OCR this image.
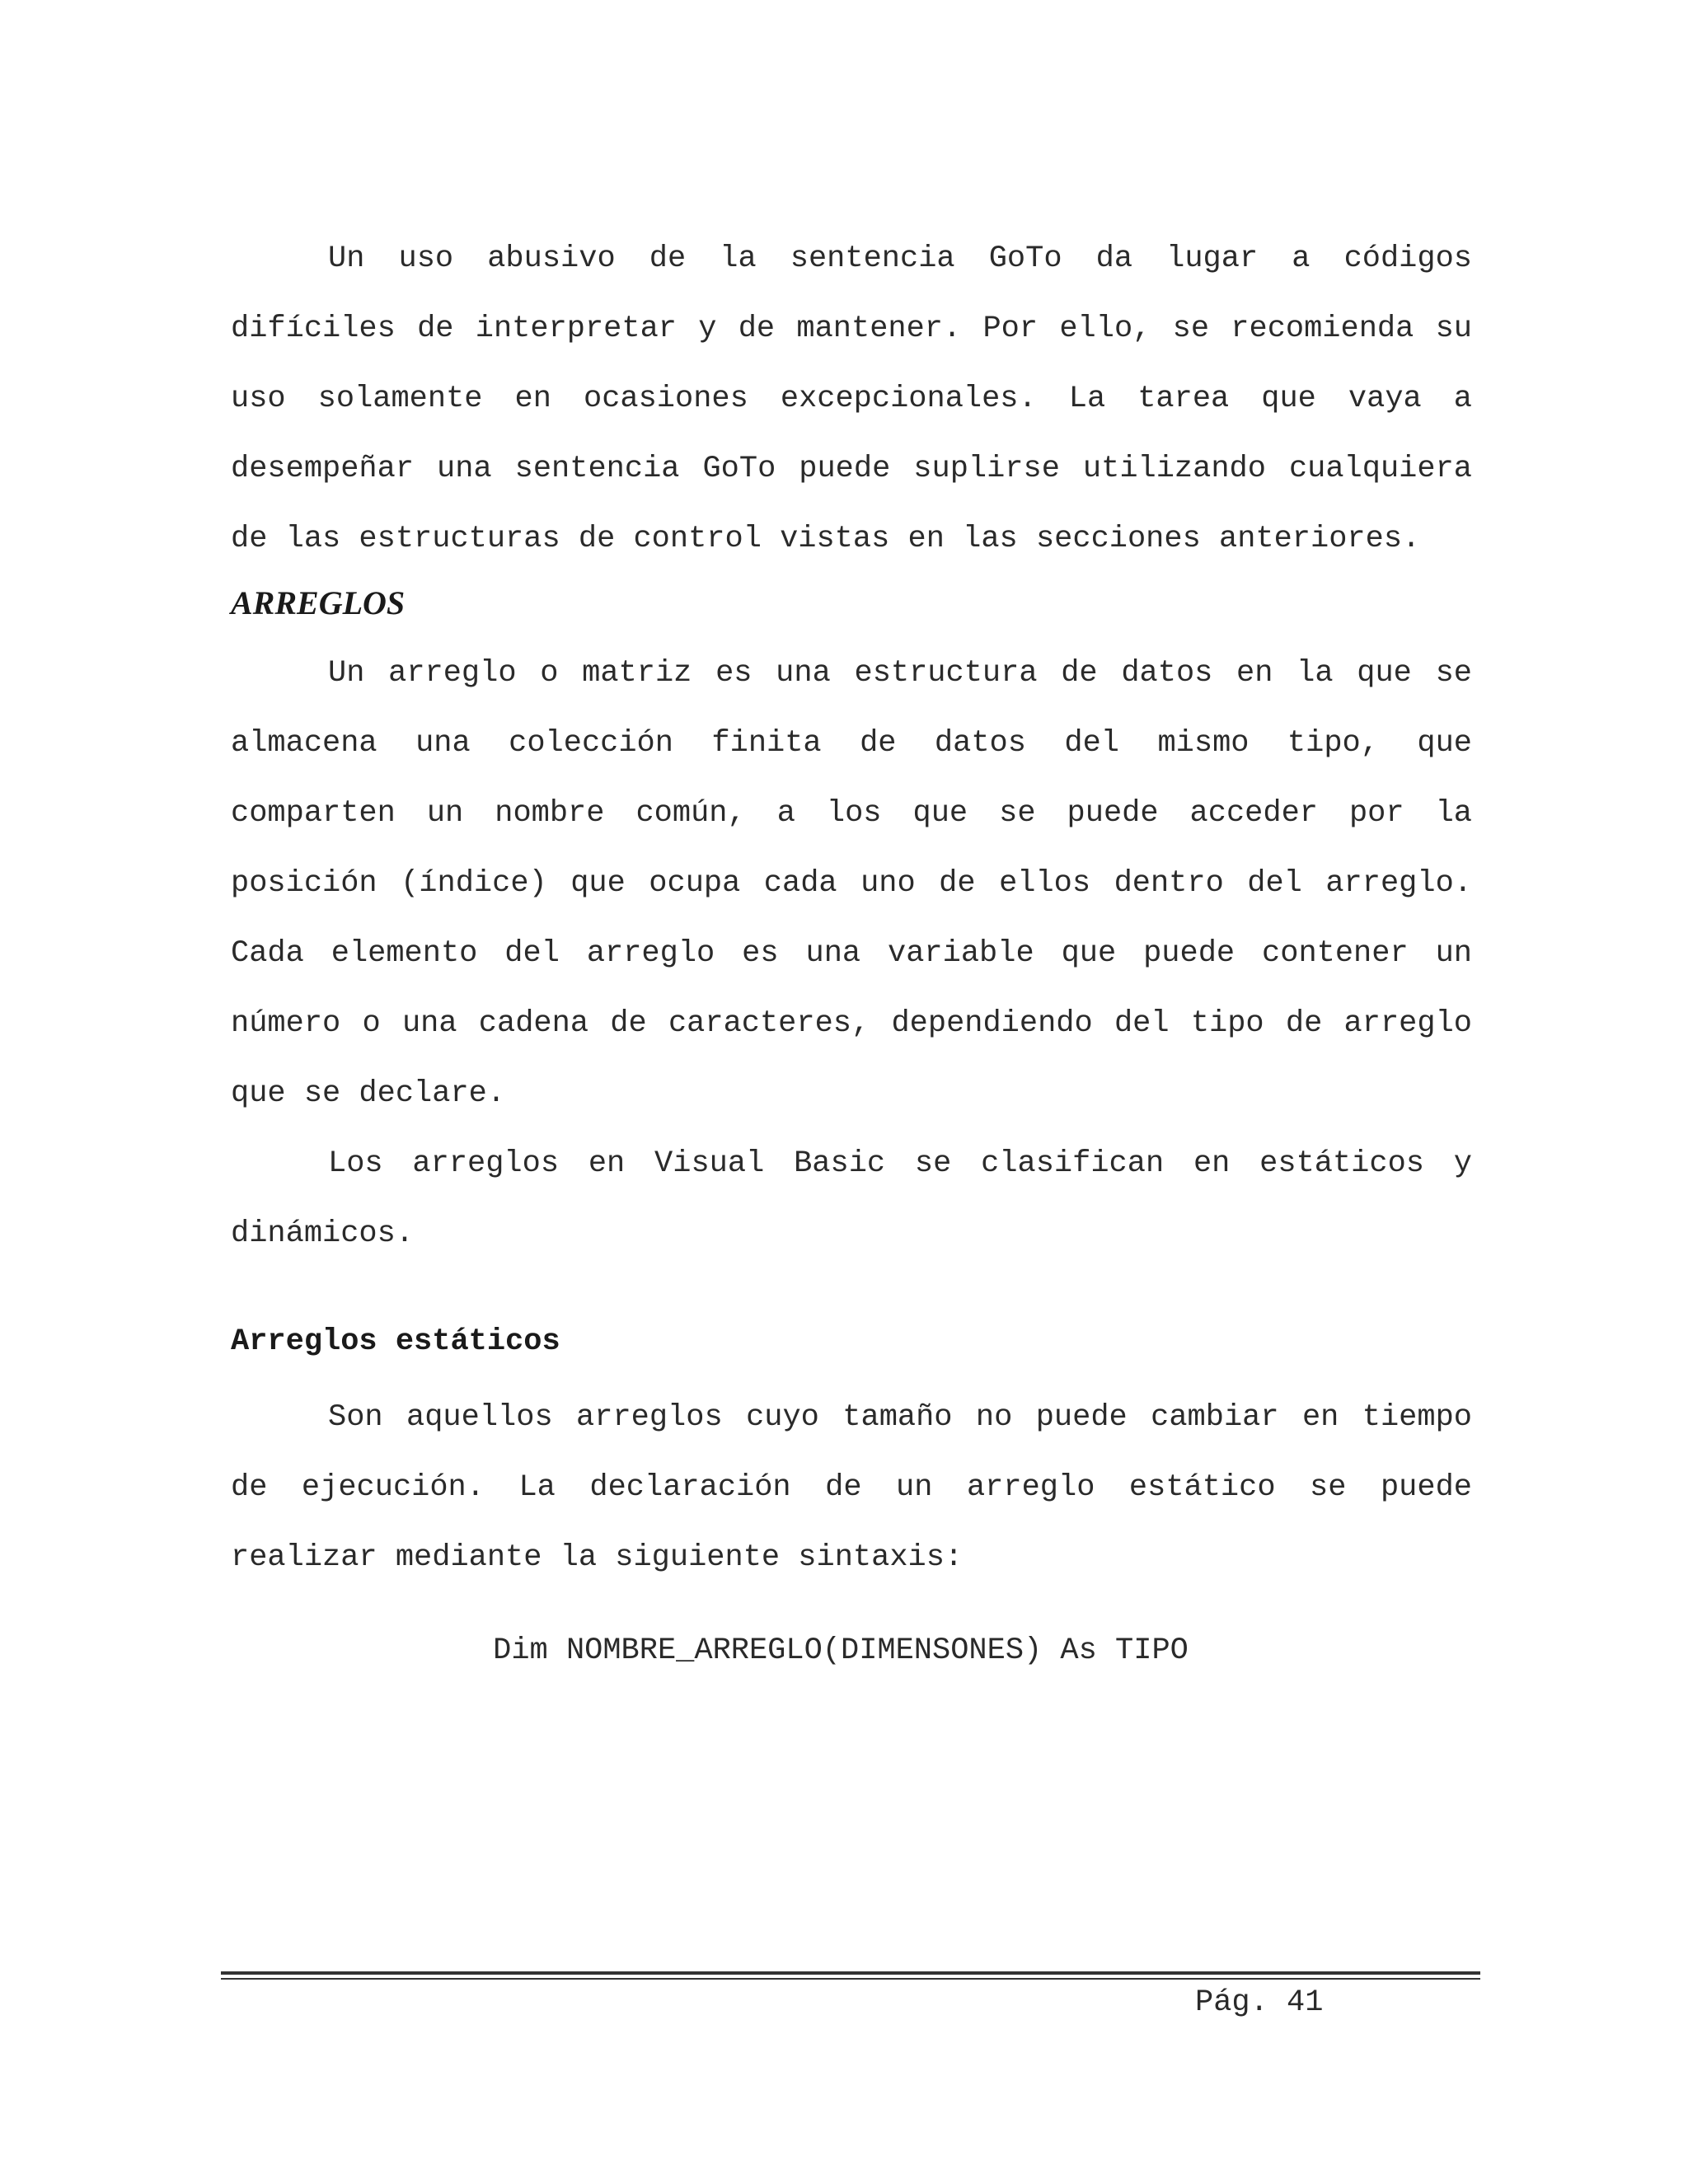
Un uso abusivo de la sentencia GoTo da lugar a códigos difíciles de interpretar y de mantener. Por ello, se recomienda su uso solamente en ocasiones excepcionales. La tarea que vaya a desempeñar una sentencia GoTo puede suplirse utilizando cualquiera de las estructuras de control vistas en las secciones anteriores.

ARREGLOS

Un arreglo o matriz es una estructura de datos en la que se almacena una colección finita de datos del mismo tipo, que comparten un nombre común, a los que se puede acceder por la posición (índice) que ocupa cada uno de ellos dentro del arreglo. Cada elemento del arreglo es una variable que puede contener un número o una cadena de caracteres, dependiendo del tipo de arreglo que se declare.

Los arreglos en Visual Basic se clasifican en estáticos y dinámicos.

Arreglos estáticos

Son aquellos arreglos cuyo tamaño no puede cambiar en tiempo de ejecución. La declaración de un arreglo estático se puede realizar mediante la siguiente sintaxis:

Dim NOMBRE_ARREGLO(DIMENSONES) As TIPO
Pág. 41
